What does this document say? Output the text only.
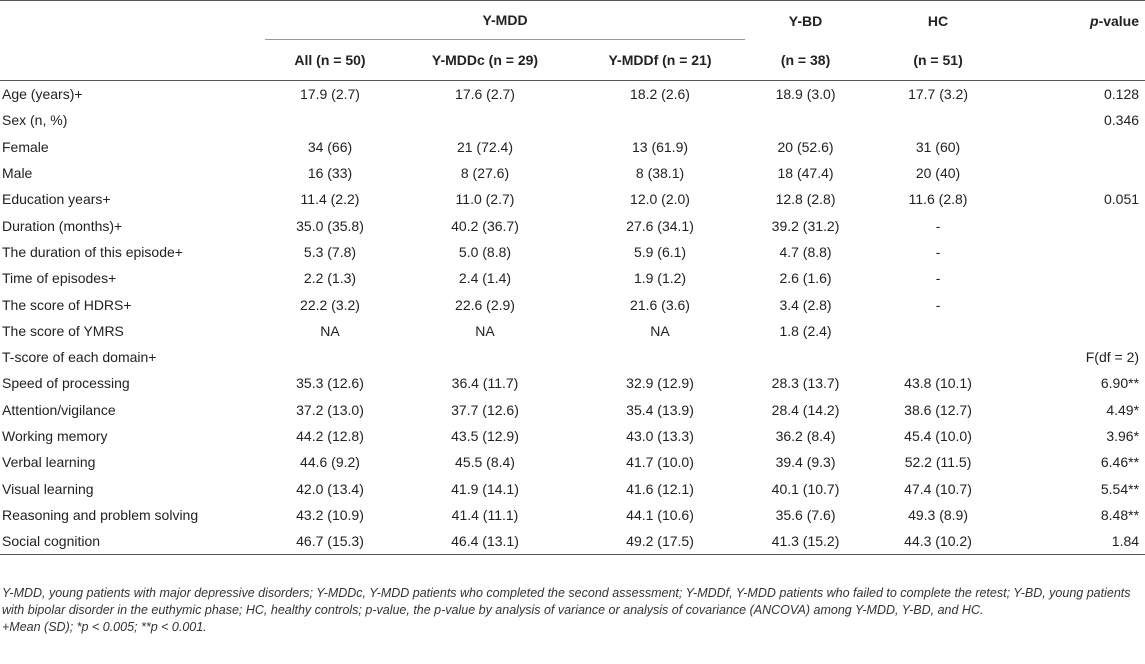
	Y-MDD			Y-BD	HC	p-value
	All (n = 50)	Y-MDDc (n = 29)	Y-MDDf (n = 21)	(n = 38)	(n = 51)	
Age (years)+	17.9 (2.7)	17.6 (2.7)	18.2 (2.6)	18.9 (3.0)	17.7 (3.2)	0.128
Sex (n, %)						0.346
Female	34 (66)	21 (72.4)	13 (61.9)	20 (52.6)	31 (60)	
Male	16 (33)	8 (27.6)	8 (38.1)	18 (47.4)	20 (40)	
Education years+	11.4 (2.2)	11.0 (2.7)	12.0 (2.0)	12.8 (2.8)	11.6 (2.8)	0.051
Duration (months)+	35.0 (35.8)	40.2 (36.7)	27.6 (34.1)	39.2 (31.2)	-	
The duration of this episode+	5.3 (7.8)	5.0 (8.8)	5.9 (6.1)	4.7 (8.8)	-	
Time of episodes+	2.2 (1.3)	2.4 (1.4)	1.9 (1.2)	2.6 (1.6)	-	
The score of HDRS+	22.2 (3.2)	22.6 (2.9)	21.6 (3.6)	3.4 (2.8)	-	
The score of YMRS	NA	NA	NA	1.8 (2.4)		
T-score of each domain+						F(df = 2)
Speed of processing	35.3 (12.6)	36.4 (11.7)	32.9 (12.9)	28.3 (13.7)	43.8 (10.1)	6.90**
Attention/vigilance	37.2 (13.0)	37.7 (12.6)	35.4 (13.9)	28.4 (14.2)	38.6 (12.7)	4.49*
Working memory	44.2 (12.8)	43.5 (12.9)	43.0 (13.3)	36.2 (8.4)	45.4 (10.0)	3.96*
Verbal learning	44.6 (9.2)	45.5 (8.4)	41.7 (10.0)	39.4 (9.3)	52.2 (11.5)	6.46**
Visual learning	42.0 (13.4)	41.9 (14.1)	41.6 (12.1)	40.1 (10.7)	47.4 (10.7)	5.54**
Reasoning and problem solving	43.2 (10.9)	41.4 (11.1)	44.1 (10.6)	35.6 (7.6)	49.3 (8.9)	8.48**
Social cognition	46.7 (15.3)	46.4 (13.1)	49.2 (17.5)	41.3 (15.2)	44.3 (10.2)	1.84

Y-MDD, young patients with major depressive disorders; Y-MDDc, Y-MDD patients who completed the second assessment; Y-MDDf, Y-MDD patients who failed to complete the retest; Y-BD, young patients with bipolar disorder in the euthymic phase; HC, healthy controls; p-value, the p-value by analysis of variance or analysis of covariance (ANCOVA) among Y-MDD, Y-BD, and HC.

+Mean (SD); *p < 0.005; **p < 0.001.
